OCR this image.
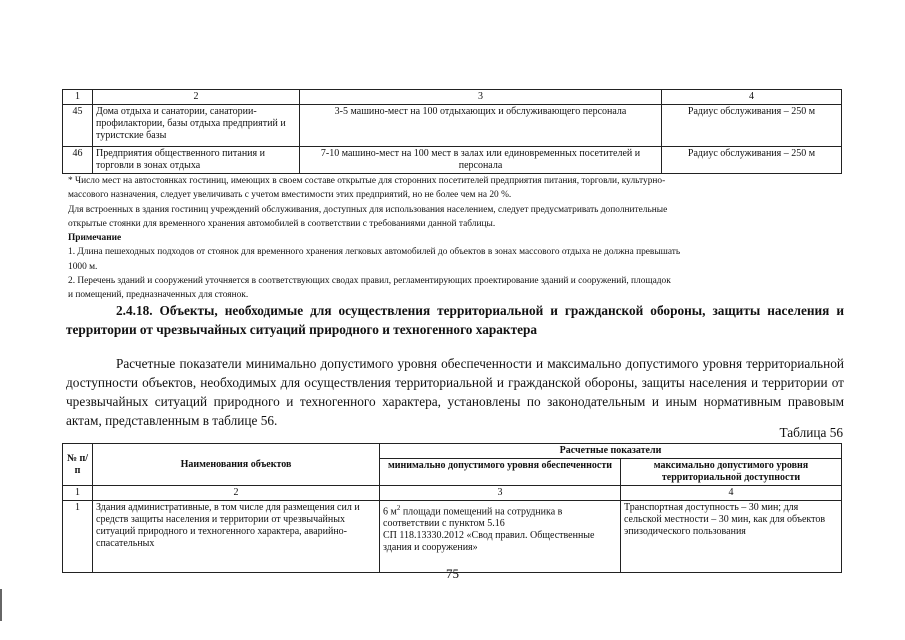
1	2	3	4
45	Дома отдыха и санатории, санатории-профилактории, базы отдыха предприятий и туристские базы	3-5 машино-мест на 100 отдыхающих и обслуживающего персонала	Радиус обслуживания – 250 м
46	Предприятия общественного питания и торговли в зонах отдыха	7-10 машино-мест на 100 мест в залах или единовременных посетителей и персонала	Радиус обслуживания – 250 м
* Число мест на автостоянках гостиниц, имеющих в своем составе открытые для сторонних посетителей предприятия питания, торговли, культурно-
массового назначения, следует увеличивать с учетом вместимости этих предприятий, но не более чем на 20 %.
Для встроенных в здания гостиниц учреждений обслуживания, доступных для использования населением, следует предусматривать дополнительные
открытые стоянки для временного хранения автомобилей в соответствии с требованиями данной таблицы.
Примечание
1. Длина пешеходных подходов от стоянок для временного хранения легковых автомобилей до объектов в зонах массового отдыха не должна превышать
1000 м.
2. Перечень зданий и сооружений уточняется в соответствующих сводах правил, регламентирующих проектирование зданий и сооружений, площадок
и помещений, предназначенных для стоянок.
2.4.18. Объекты, необходимые для осуществления территориальной и гражданской обороны, защиты населения и территории от чрезвычайных ситуаций природного и техногенного характера
Расчетные показатели минимально допустимого уровня обеспеченности и максимально допустимого уровня территориальной доступности объектов, необходимых для осуществления территориальной и гражданской обороны, защиты населения и территории от чрезвычайных ситуаций природного и техногенного характера, установлены по законодательным и иным нормативным правовым актам, представленным в таблице 56.
Таблица 56
№ п/п	Наименования объектов	Расчетные показатели	
		минимально допустимого уровня обеспеченности	максимально допустимого уровня территориальной доступности
1	2	3	4
1	Здания административные, в том числе для размещения сил и средств защиты населения и территории от чрезвычайных ситуаций природного и техногенного характера, аварийно-спасательных	6 $м^2$ площади помещений на сотрудника в соответствии с пунктом 5.16
СП 118.13330.2012 «Свод правил. Общественные здания и сооружения»	Транспортная доступность – 30 мин; для сельской местности – 30 мин, как для объектов эпизодического пользования
75
